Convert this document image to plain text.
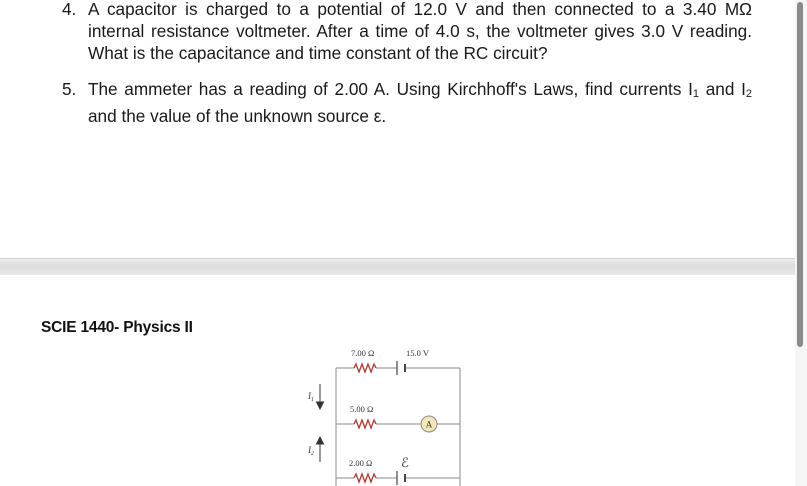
4. A capacitor is charged to a potential of 12.0 V and then connected to a 3.40 MΩ internal resistance voltmeter. After a time of 4.0 s, the voltmeter gives 3.0 V reading. What is the capacitance and time constant of the RC circuit?
5. The ammeter has a reading of 2.00 A. Using Kirchhoff's Laws, find currents I1 and I2 and the value of the unknown source ε.
SCIE 1440- Physics II
A
7.00 Ω	15.0 V
5.00 Ω
2.00 Ω ℰ
$I_1$
$I_2$
